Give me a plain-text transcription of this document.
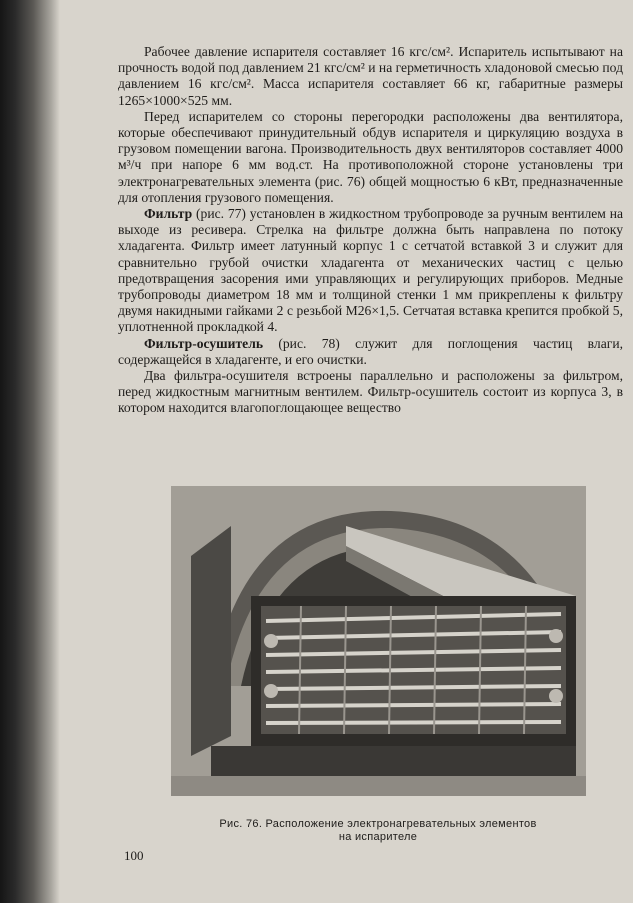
Рабочее давление испарителя составляет 16 кгс/см². Испаритель испытывают на прочность водой под давлением 21 кгс/см² и на герметичность хладоновой смесью под давлением 16 кгс/см². Масса испарителя составляет 66 кг, габаритные размеры 1265×1000×525 мм.

Перед испарителем со стороны перегородки расположены два вентилятора, которые обеспечивают принудительный обдув испарителя и циркуляцию воздуха в грузовом помещении вагона. Производительность двух вентиляторов составляет 4000 м³/ч при напоре 6 мм вод.ст. На противоположной стороне установлены три электронагревательных элемента (рис. 76) общей мощностью 6 кВт, предназначенные для отопления грузового помещения.

Фильтр (рис. 77) установлен в жидкостном трубопроводе за ручным вентилем на выходе из ресивера. Стрелка на фильтре должна быть направлена по потоку хладагента. Фильтр имеет латунный корпус 1 с сетчатой вставкой 3 и служит для сравнительно грубой очистки хладагента от механических частиц с целью предотвращения засорения ими управляющих и регулирующих приборов. Медные трубопроводы диаметром 18 мм и толщиной стенки 1 мм прикреплены к фильтру двумя накидными гайками 2 с резьбой М26×1,5. Сетчатая вставка крепится пробкой 5, уплотненной прокладкой 4.

Фильтр-осушитель (рис. 78) служит для поглощения частиц влаги, содержащейся в хладагенте, и его очистки.

Два фильтра-осушителя встроены параллельно и расположены за фильтром, перед жидкостным магнитным вентилем. Фильтр-осушитель состоит из корпуса 3, в котором находится влагопоглощающее вещество

Рис. 76. Расположение электронагревательных элементов
на испарителе
100
